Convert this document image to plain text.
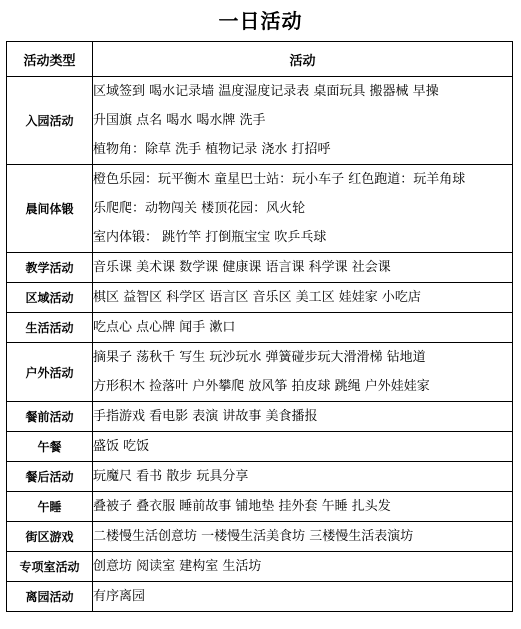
一日活动
活动类型	活动
入园活动	区域签到 喝水记录墙 温度湿度记录表 桌面玩具 搬器械 早操
升国旗 点名 喝水 喝水牌 洗手
植物角：除草 洗手 植物记录 浇水 打招呼

晨间体锻	橙色乐园：玩平衡木 童星巴士站：玩小车子 红色跑道：玩羊角球
乐爬爬：动物闯关 楼顶花园：风火轮
室内体锻： 跳竹竿 打倒瓶宝宝 吹乒乓球

教学活动	音乐课 美术课 数学课 健康课 语言课 科学课 社会课

区域活动	棋区 益智区 科学区 语言区 音乐区 美工区 娃娃家 小吃店

生活活动	吃点心 点心牌 闻手 漱口

户外活动	摘果子 荡秋千 写生 玩沙玩水 弹簧碰步玩大滑滑梯 钻地道
方形积木 捡落叶 户外攀爬 放风筝 拍皮球 跳绳 户外娃娃家

餐前活动	手指游戏 看电影 表演 讲故事 美食播报

午餐	盛饭 吃饭

餐后活动	玩魔尺 看书 散步 玩具分享

午睡	叠被子 叠衣服 睡前故事 铺地垫 挂外套 午睡 扎头发

街区游戏	二楼慢生活创意坊 一楼慢生活美食坊 三楼慢生活表演坊

专项室活动	创意坊 阅读室 建构室 生活坊

离园活动	有序离园
